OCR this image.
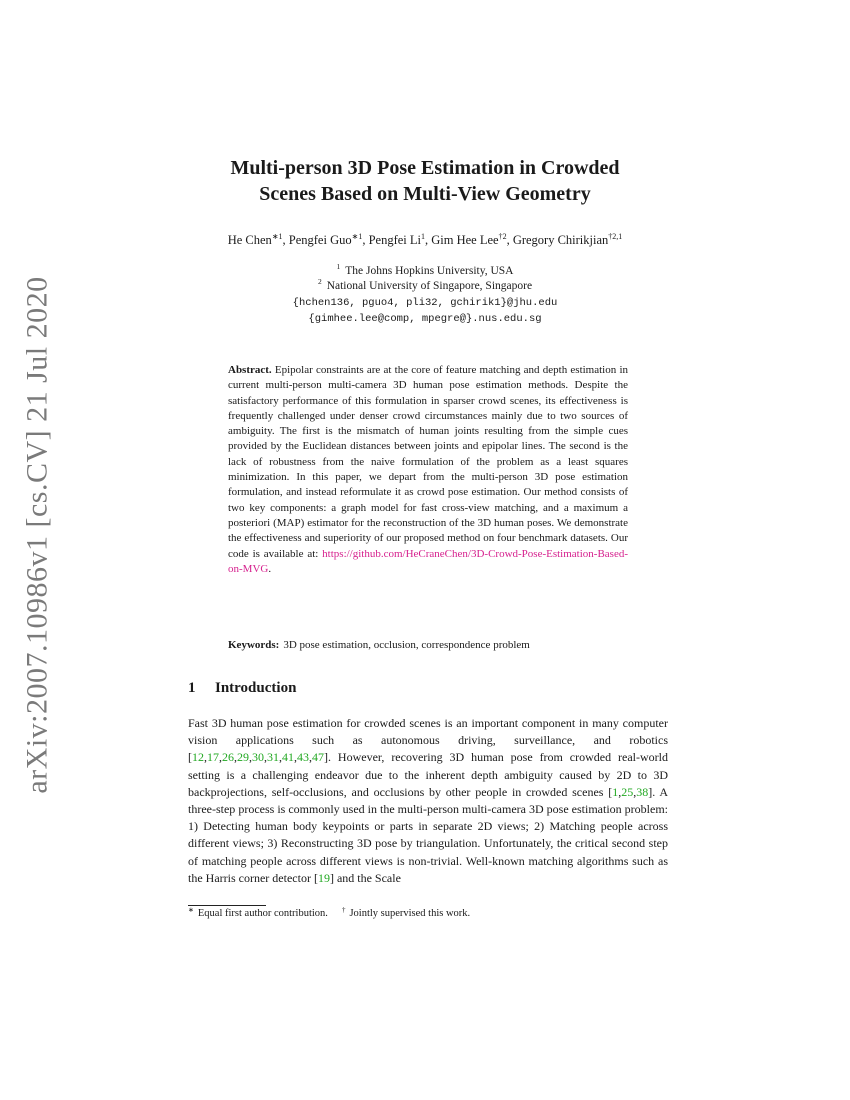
arXiv:2007.10986v1 [cs.CV] 21 Jul 2020
Multi-person 3D Pose Estimation in Crowded
Scenes Based on Multi-View Geometry
He Chen$^{∗1}$, Pengfei Guo$^{∗1}$, Pengfei Li$^1$, Gim Hee Lee$^{\dagger 2}$, Gregory Chirikjian$^{\dagger 2,1}$
$^1$ The Johns Hopkins University, USA
$^2$ National University of Singapore, Singapore
{hchen136, pguo4, pli32, gchirik1}@jhu.edu
{gimhee.lee@comp, mpegre@}.nus.edu.sg
Abstract. Epipolar constraints are at the core of feature matching and depth estimation in current multi-person multi-camera 3D human pose estimation methods. Despite the satisfactory performance of this formulation in sparser crowd scenes, its effectiveness is frequently challenged under denser crowd circumstances mainly due to two sources of ambiguity. The first is the mismatch of human joints resulting from the simple cues provided by the Euclidean distances between joints and epipolar lines. The second is the lack of robustness from the naive formulation of the problem as a least squares minimization. In this paper, we depart from the multi-person 3D pose estimation formulation, and instead reformulate it as crowd pose estimation. Our method consists of two key components: a graph model for fast cross-view matching, and a maximum a posteriori (MAP) estimator for the reconstruction of the 3D human poses. We demonstrate the effectiveness and superiority of our proposed method on four benchmark datasets. Our code is available at: https://github.com/HeCraneChen/3D-Crowd-Pose-Estimation-Based-on-MVG.
Keywords: 3D pose estimation, occlusion, correspondence problem
1 Introduction
Fast 3D human pose estimation for crowded scenes is an important component in many computer vision applications such as autonomous driving, surveillance, and robotics [12,17,26,29,30,31,41,43,47]. However, recovering 3D human pose from crowded real-world setting is a challenging endeavor due to the inherent depth ambiguity caused by 2D to 3D backprojections, self-occlusions, and occlusions by other people in crowded scenes [1,25,38]. A three-step process is commonly used in the multi-person multi-camera 3D pose estimation problem: 1) Detecting human body keypoints or parts in separate 2D views; 2) Matching people across different views; 3) Reconstructing 3D pose by triangulation. Unfortunately, the critical second step of matching people across different views is non-trivial. Well-known matching algorithms such as the Harris corner detector [19] and the Scale
∗ Equal first author contribution. † Jointly supervised this work.
